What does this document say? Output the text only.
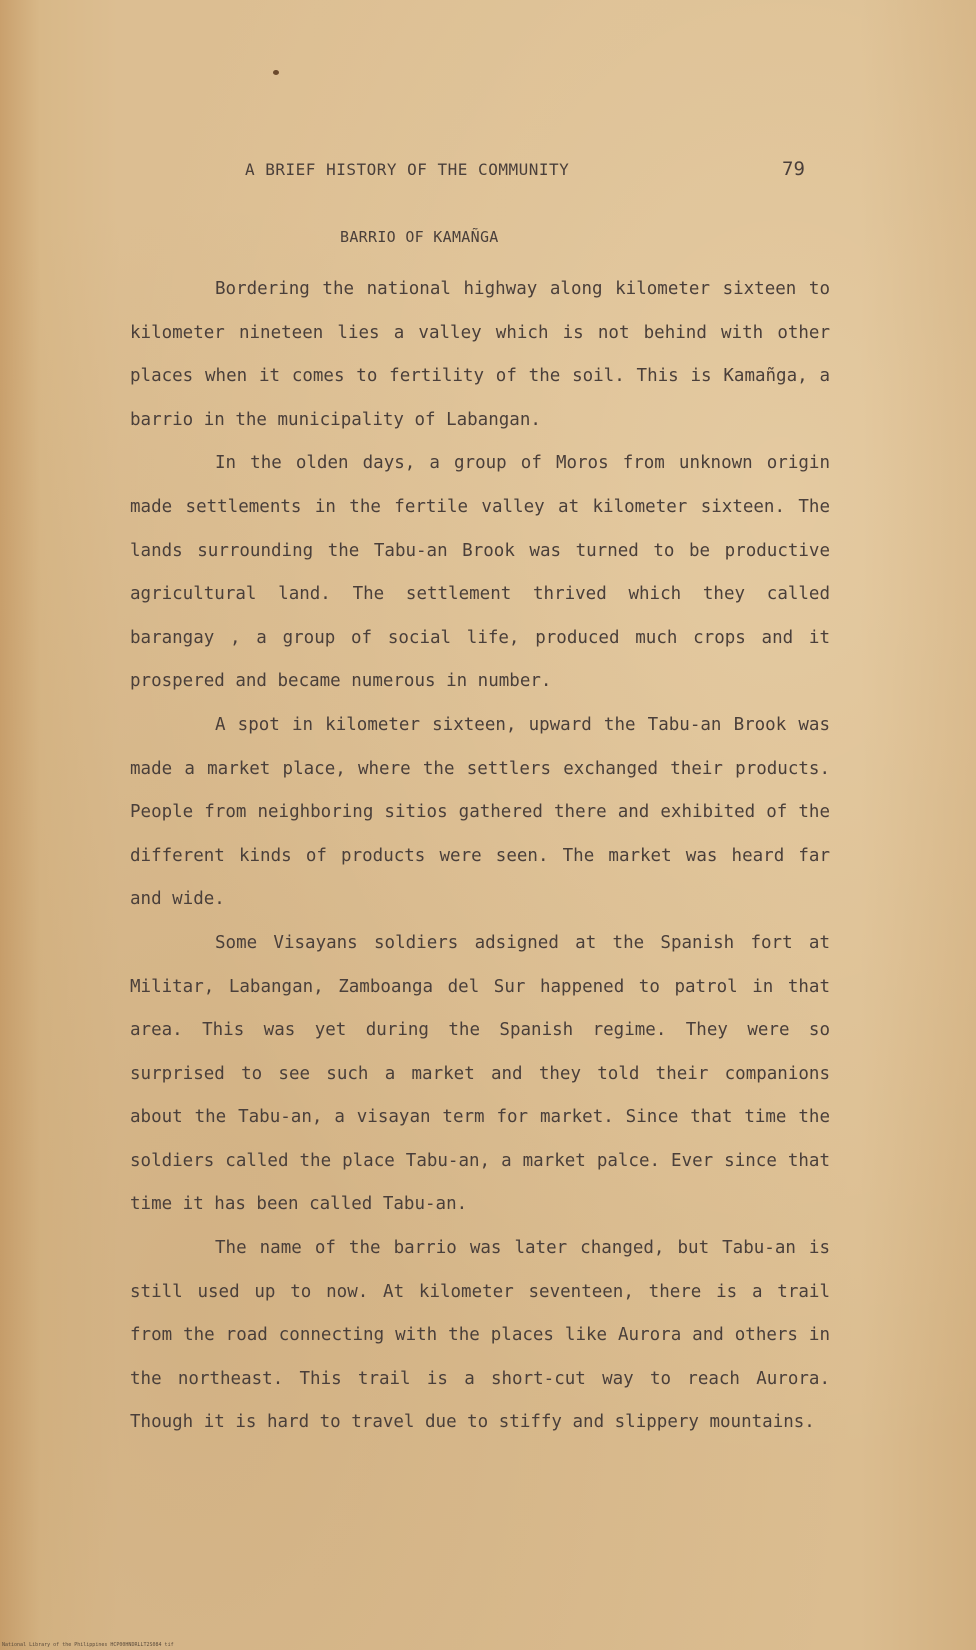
A BRIEF HISTORY OF THE COMMUNITY	79
BARRIO OF KAMAÑGA

Bordering the national highway along kilometer sixteen to kilometer nineteen lies a valley which is not behind with other places when it comes to fertility of the soil. This is Kamañga, a barrio in the municipality of Labangan.

In the olden days, a group of Moros from unknown origin made settlements in the fertile valley at kilometer sixteen. The lands surrounding the Tabu-an Brook was turned to be productive agricultural land. The settlement thrived which they called barangay , a group of social life, produced much crops and it prospered and became numerous in number.

A spot in kilometer sixteen, upward the Tabu-an Brook was made a market place, where the settlers exchanged their products. People from neighboring sitios gathered there and exhibited of the different kinds of products were seen. The market was heard far and wide.

Some Visayans soldiers adsigned at the Spanish fort at Militar, Labangan, Zamboanga del Sur happened to patrol in that area. This was yet during the Spanish regime. They were so surprised to see such a market and they told their companions about the Tabu-an, a visayan term for market. Since that time the soldiers called the place Tabu-an, a market palce. Ever since that time it has been called Tabu-an.

The name of the barrio was later changed, but Tabu-an is still used up to now. At kilometer seventeen, there is a trail from the road connecting with the places like Aurora and others in the northeast. This trail is a short-cut way to reach Aurora. Though it is hard to travel due to stiffy and slippery mountains.

National Library of the Philippines HCP00HNDRLLT2S084 tif
